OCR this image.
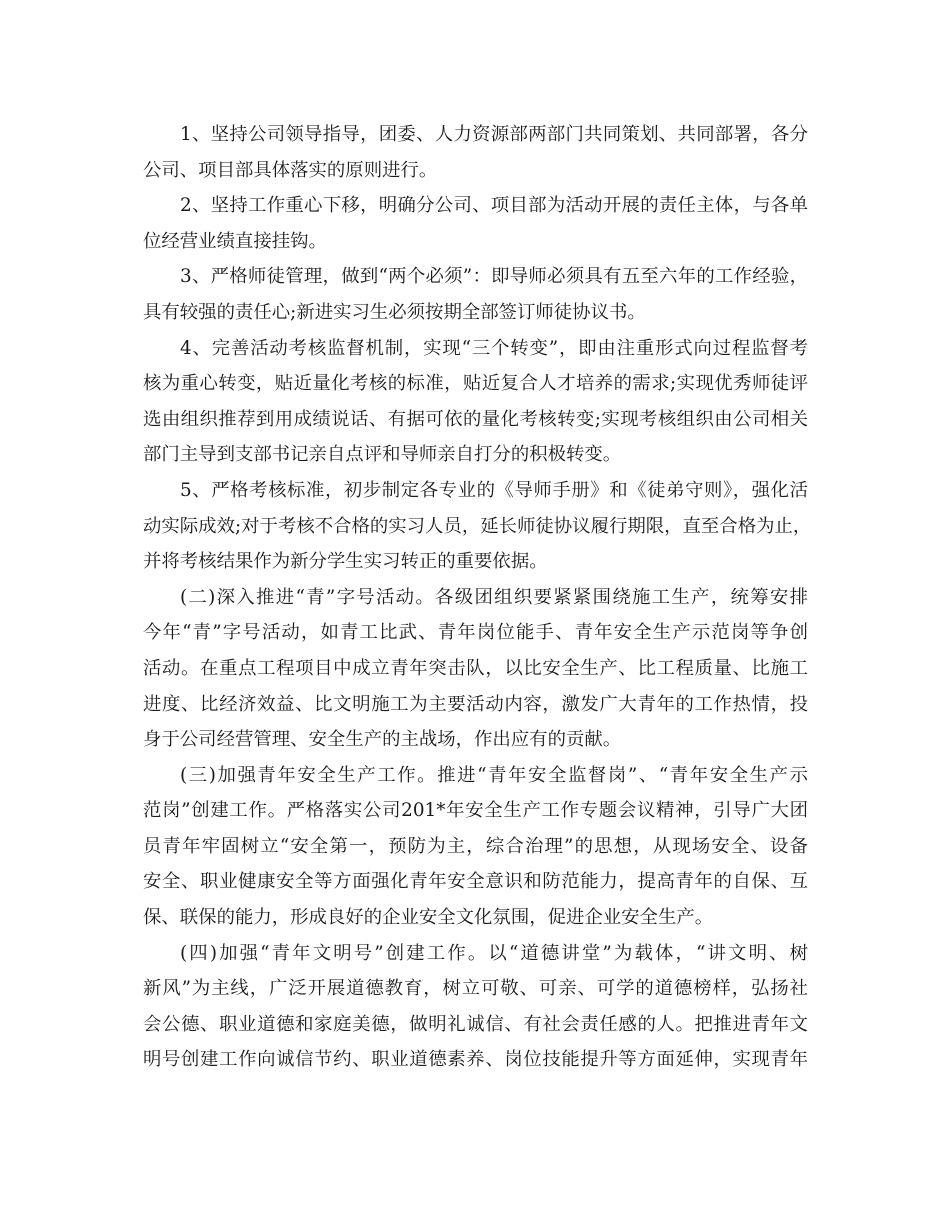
1、坚持公司领导指导，团委、人力资源部两部门共同策划、共同部署，各分
公司、项目部具体落实的原则进行。
2、坚持工作重心下移，明确分公司、项目部为活动开展的责任主体，与各单
位经营业绩直接挂钩。
3、严格师徒管理，做到“两个必须”：即导师必须具有五至六年的工作经验，
具有较强的责任心;新进实习生必须按期全部签订师徒协议书。
4、完善活动考核监督机制，实现“三个转变”，即由注重形式向过程监督考
核为重心转变，贴近量化考核的标准，贴近复合人才培养的需求;实现优秀师徒评
选由组织推荐到用成绩说话、有据可依的量化考核转变;实现考核组织由公司相关
部门主导到支部书记亲自点评和导师亲自打分的积极转变。
5、严格考核标准，初步制定各专业的《导师手册》和《徒弟守则》，强化活
动实际成效;对于考核不合格的实习人员，延长师徒协议履行期限，直至合格为止，
并将考核结果作为新分学生实习转正的重要依据。
(二)深入推进“青”字号活动。各级团组织要紧紧围绕施工生产，统筹安排
今年“青”字号活动，如青工比武、青年岗位能手、青年安全生产示范岗等争创
活动。在重点工程项目中成立青年突击队，以比安全生产、比工程质量、比施工
进度、比经济效益、比文明施工为主要活动内容，激发广大青年的工作热情，投
身于公司经营管理、安全生产的主战场，作出应有的贡献。
(三)加强青年安全生产工作。推进“青年安全监督岗”、“青年安全生产示
范岗”创建工作。严格落实公司201*年安全生产工作专题会议精神，引导广大团
员青年牢固树立“安全第一，预防为主，综合治理”的思想，从现场安全、设备
安全、职业健康安全等方面强化青年安全意识和防范能力，提高青年的自保、互
保、联保的能力，形成良好的企业安全文化氛围，促进企业安全生产。
(四)加强“青年文明号”创建工作。以“道德讲堂”为载体，“讲文明、树
新风”为主线，广泛开展道德教育，树立可敬、可亲、可学的道德榜样，弘扬社
会公德、职业道德和家庭美德，做明礼诚信、有社会责任感的人。把推进青年文
明号创建工作向诚信节约、职业道德素养、岗位技能提升等方面延伸，实现青年
